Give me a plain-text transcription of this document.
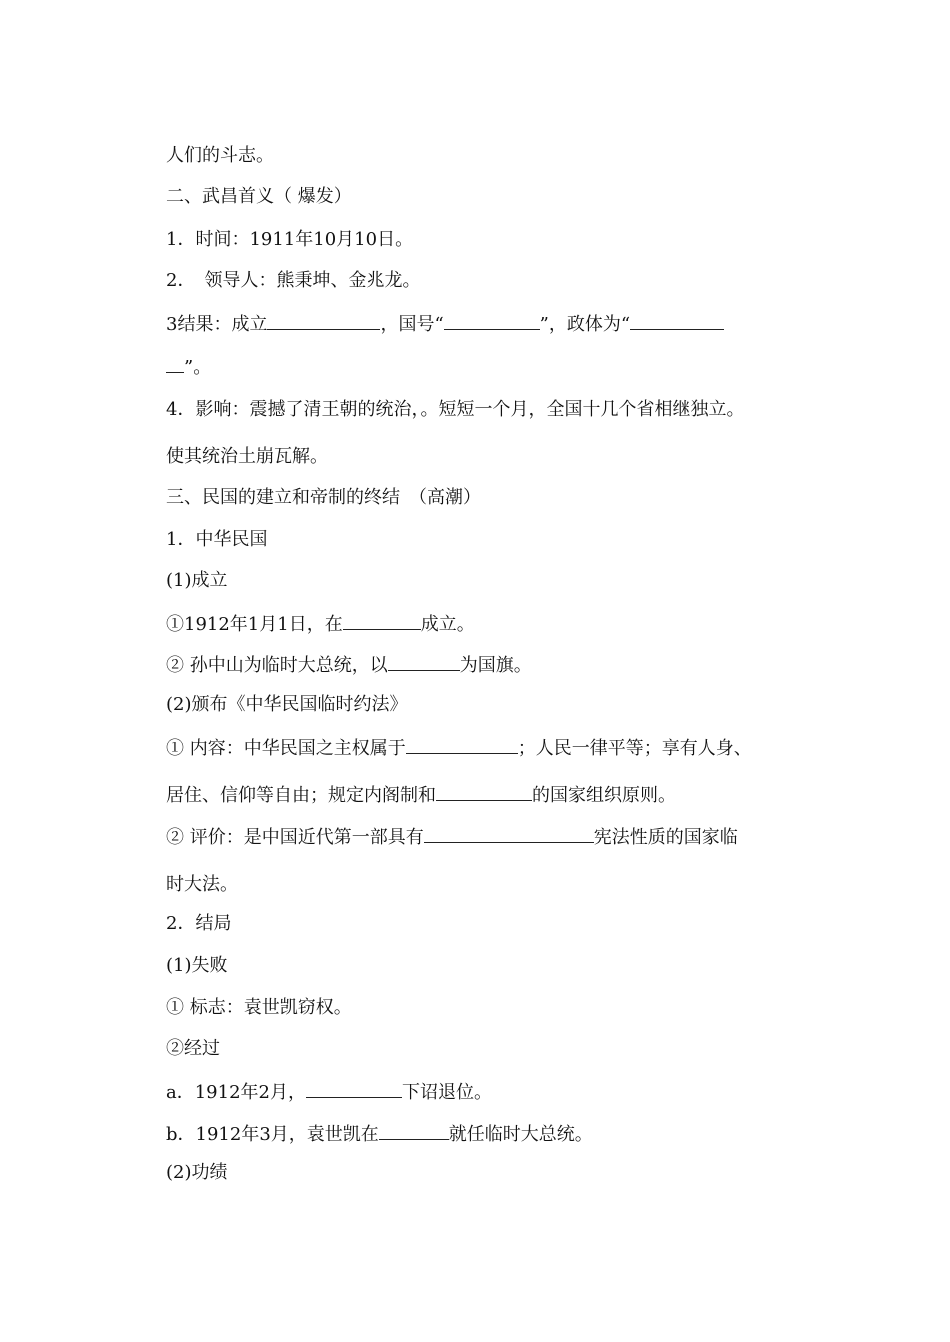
人们的斗志。
二、武昌首义（ 爆发）
1．时间：1911年10月10日。
2．　领导人：熊秉坤、金兆龙。
3结果：成立	，国号“	”，政体为“
”。
4．影响：震撼了清王朝的统治，。短短一个月，全国十几个省相继独立。
使其统治土崩瓦解。
三、民国的建立和帝制的终结　（高潮）
1．中华民国
(1)成立
①1912年1月1日，在	成立。
② 孙中山为临时大总统，以	为国旗。
(2)颁布《中华民国临时约法》
① 内容：中华民国之主权属于	；人民一律平等；享有人身、
居住、信仰等自由；规定内阁制和	的国家组织原则。
② 评价：是中国近代第一部具有	宪法性质的国家临
时大法。
2．结局
(1)失败
① 标志：袁世凯窃权。
②经过
a．1912年2月，	下诏退位。
b．1912年3月，袁世凯在	就任临时大总统。
(2)功绩
